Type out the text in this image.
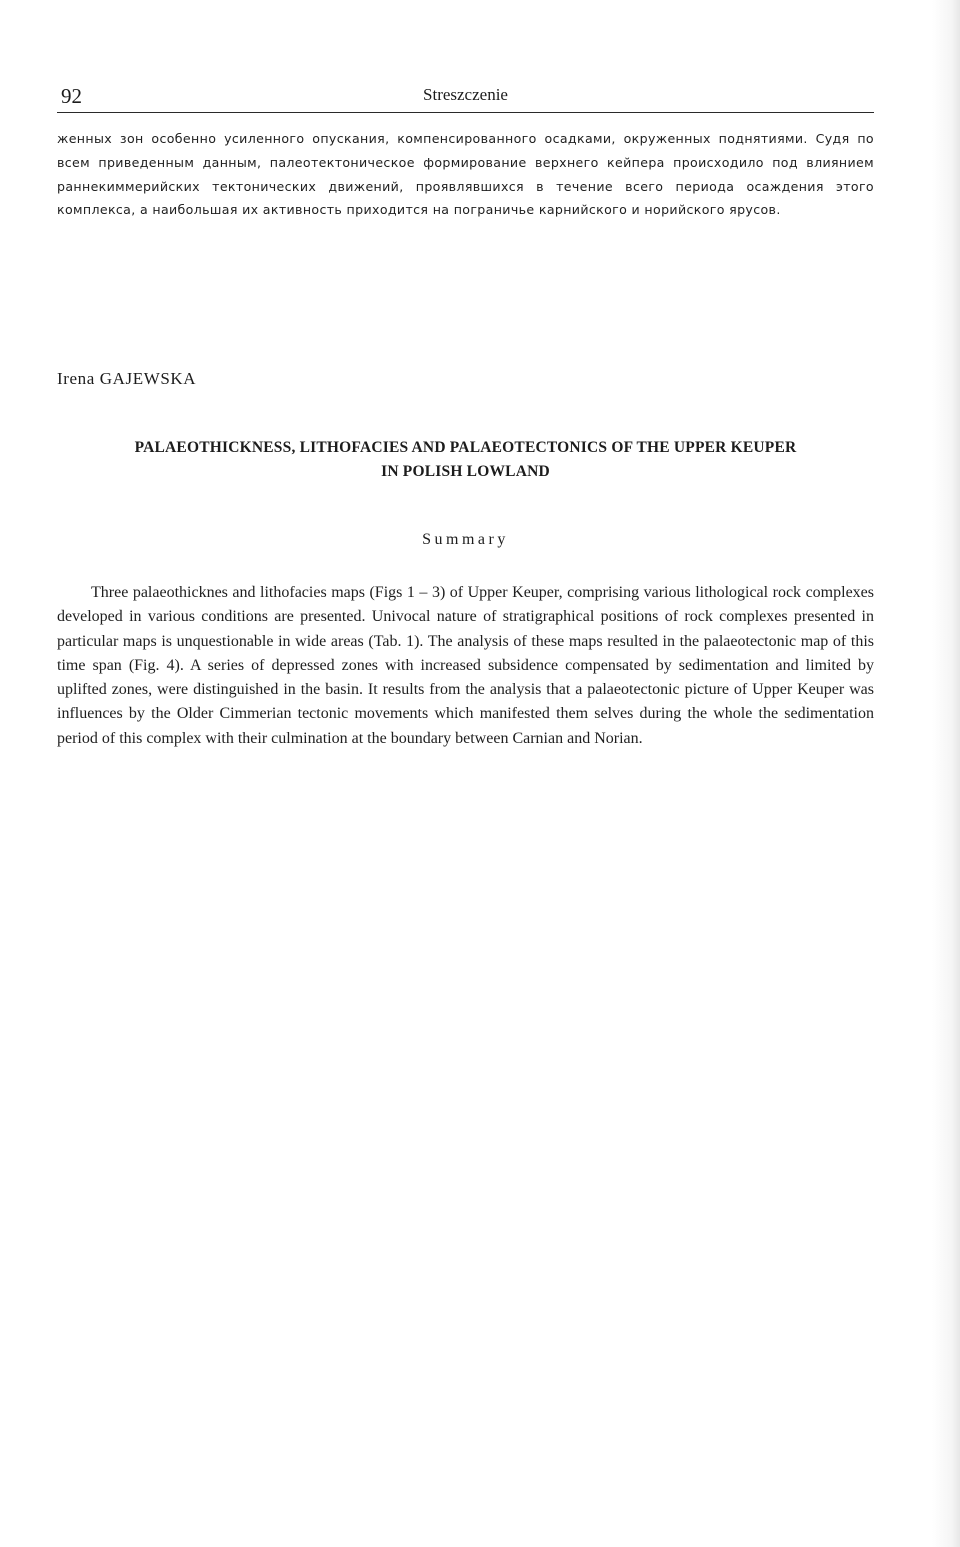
92	Streszczenie

женных зон особенно усиленного опускания, компенсированного осадками, окруженных поднятиями. Судя по всем приведенным данным, палеотектоническое формирование верхнего кейпера происходило под влиянием раннекиммерийских тектонических движений, проявлявшихся в течение всего периода осаждения этого комплекса, а наибольшая их активность приходится на пограничье карнийского и норийского ярусов.

Irena GAJEWSKA
PALAEOTHICKNESS, LITHOFACIES AND PALAEOTECTONICS OF THE UPPER KEUPER
IN POLISH LOWLAND
Summary

Three palaeothicknes and lithofacies maps (Figs 1 – 3) of Upper Keuper, comprising various lithological rock complexes developed in various conditions are presented. Univocal nature of stratigraphical positions of rock complexes presented in particular maps is unquestionable in wide areas (Tab. 1). The analysis of these maps resulted in the palaeotectonic map of this time span (Fig. 4). A series of depressed zones with increased subsidence compensated by sedimentation and limited by uplifted zones, were distinguished in the basin. It results from the analysis that a palaeotectonic picture of Upper Keuper was influences by the Older Cimmerian tectonic movements which manifested them selves during the whole the sedimentation period of this complex with their culmination at the boundary between Carnian and Norian.
